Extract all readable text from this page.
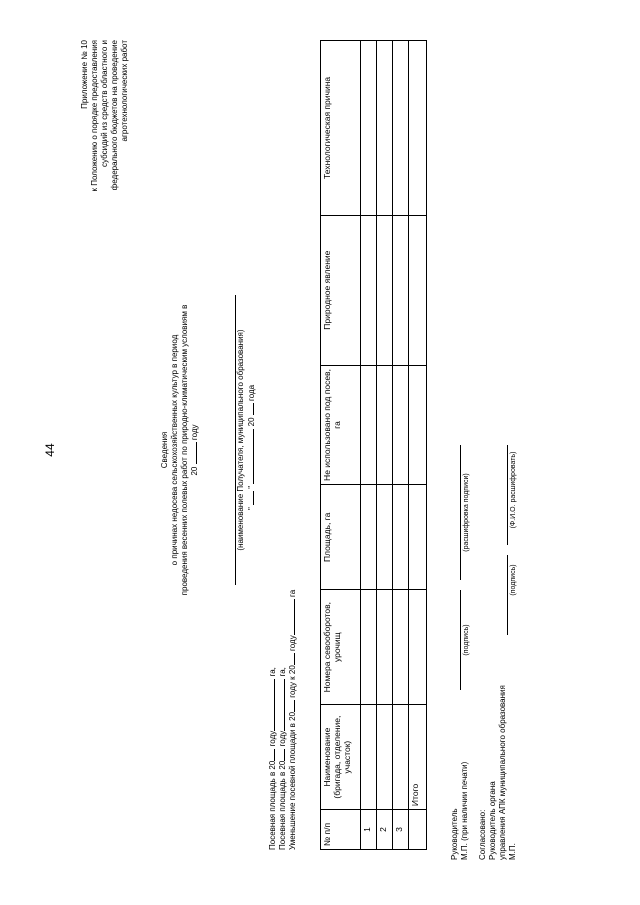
44
Приложение № 10 к Положению о порядке предоставления субсидий из средств областного и федерального бюджетов на проведение агротехнологических работ
Сведения о причинах недосева сельскохозяйственных культур в период проведения весенних полевых работ по природно-климатическим условиям в 20  году	(наименование Получателя, муниципального образования) "  "  20  года
Посевная площадь в 20 году га,
Посевная площадь в 20 году га,
Уменьшение посевной площади в 20 году к 20 году га
№ п/п	Наименование (бригада, отделение, участок)	Номера севооборотов, урочищ	Площадь, га	Не использовано под посев, га	Природное явление	Технологическая причина
1						
2						
3						
	Итого					
Руководитель М.П. (при наличии печати)
(подпись)
(расшифровка подписи)
Согласовано: Руководитель органа управления АПК муниципального образования М.П.
(подпись)
(Ф.И.О. расшифровать)
